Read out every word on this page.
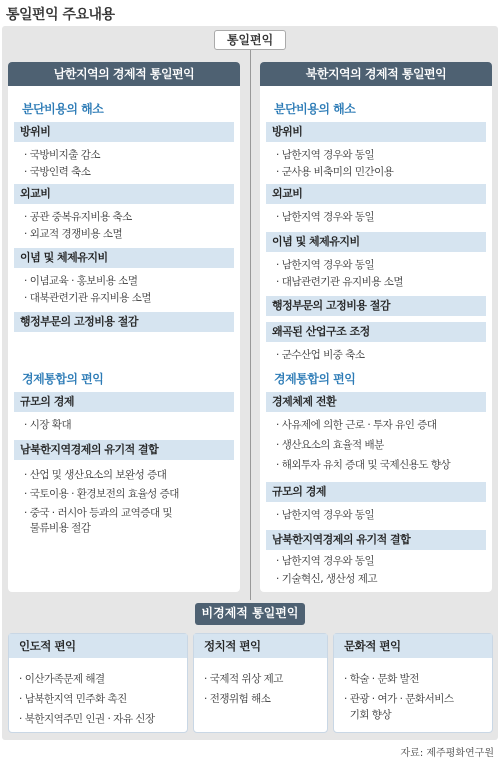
통일편익 주요내용
통일편익
남한지역의 경제적 통일편익
분단비용의 해소
방위비
· 국방비지출 감소
· 국방인력 축소
외교비
· 공관 중복유지비용 축소
· 외교적 경쟁비용 소멸
이념 및 체제유지비
· 이념교육 · 홍보비용 소멸
· 대북관련기관 유지비용 소멸
행정부문의 고정비용 절감
경제통합의 편익
규모의 경제
· 시장 확대
남북한지역경제의 유기적 결합
· 산업 및 생산요소의 보완성 증대
· 국토이용 · 환경보전의 효율성 증대
· 중국 · 러시아 등과의 교역증대 및
물류비용 절감
북한지역의 경제적 통일편익
분단비용의 해소
방위비
· 남한지역 경우와 동일
· 군사용 비축미의 민간이용
외교비
· 남한지역 경우와 동일
이념 및 체제유지비
· 남한지역 경우와 동일
· 대남관련기관 유지비용 소멸
행정부문의 고정비용 절감
왜곡된 산업구조 조정
· 군수산업 비중 축소
경제통합의 편익
경제체제 전환
· 사유제에 의한 근로 · 투자 유인 증대
· 생산요소의 효율적 배분
· 해외투자 유치 증대 및 국제신용도 향상
규모의 경제
· 남한지역 경우와 동일
남북한지역경제의 유기적 결합
· 남한지역 경우와 동일
· 기술혁신, 생산성 제고
비경제적 통일편익
인도적 편익
· 이산가족문제 해결
· 남북한지역 민주화 촉진
· 북한지역주민 인권 · 자유 신장
정치적 편익
· 국제적 위상 제고
· 전쟁위험 해소
문화적 편익
· 학술 · 문화 발전
· 관광 · 여가 · 문화서비스
기회 향상
자료: 제주평화연구원
